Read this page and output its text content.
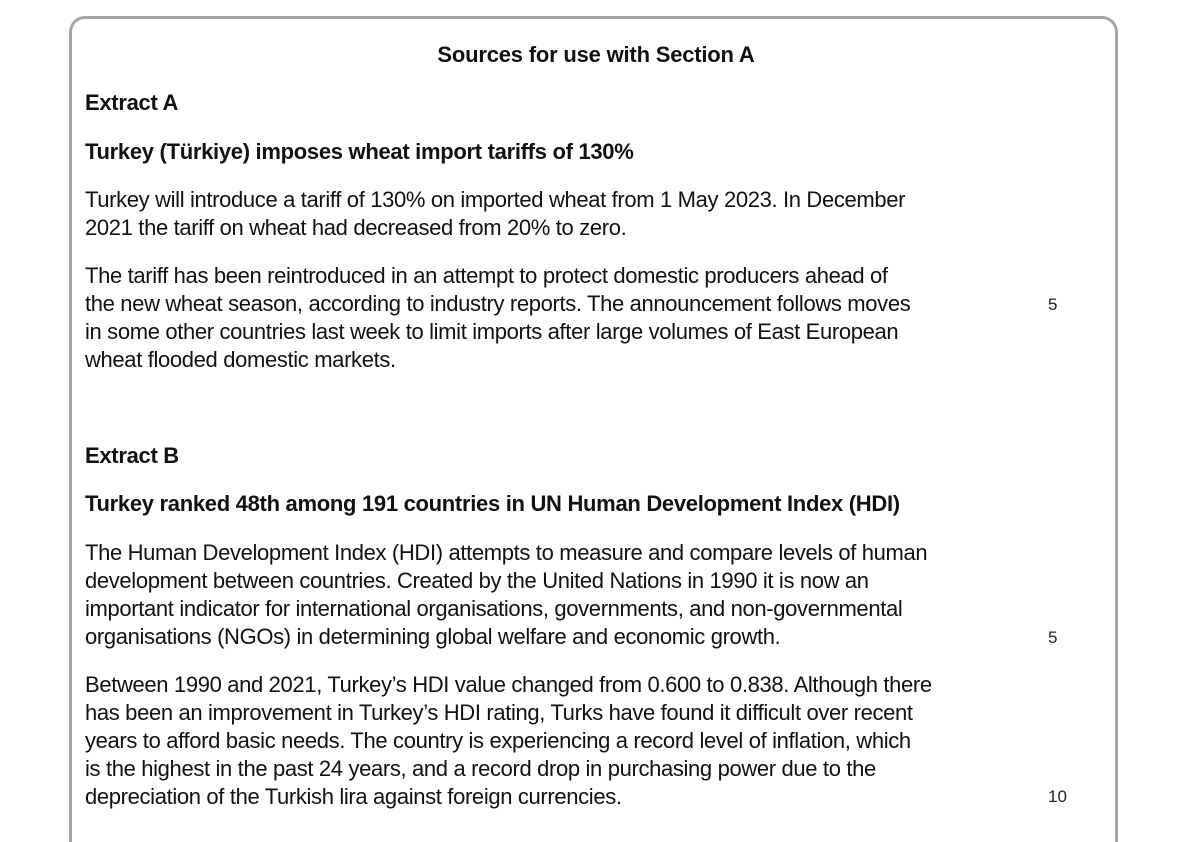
Sources for use with Section A
Extract A
Turkey (Türkiye) imposes wheat import tariffs of 130%
Turkey will introduce a tariff of 130% on imported wheat from 1 May 2023. In December
2021 the tariff on wheat had decreased from 20% to zero.
The tariff has been reintroduced in an attempt to protect domestic producers ahead of
the new wheat season, according to industry reports. The announcement follows moves
in some other countries last week to limit imports after large volumes of East European
wheat flooded domestic markets.
5
Extract B
Turkey ranked 48th among 191 countries in UN Human Development Index (HDI)
The Human Development Index (HDI) attempts to measure and compare levels of human
development between countries. Created by the United Nations in 1990 it is now an
important indicator for international organisations, governments, and non-governmental
organisations (NGOs) in determining global welfare and economic growth.	5
Between 1990 and 2021, Turkey’s HDI value changed from 0.600 to 0.838. Although there
has been an improvement in Turkey’s HDI rating, Turks have found it difficult over recent
years to afford basic needs. The country is experiencing a record level of inflation, which
is the highest in the past 24 years, and a record drop in purchasing power due to the
depreciation of the Turkish lira against foreign currencies.	10
